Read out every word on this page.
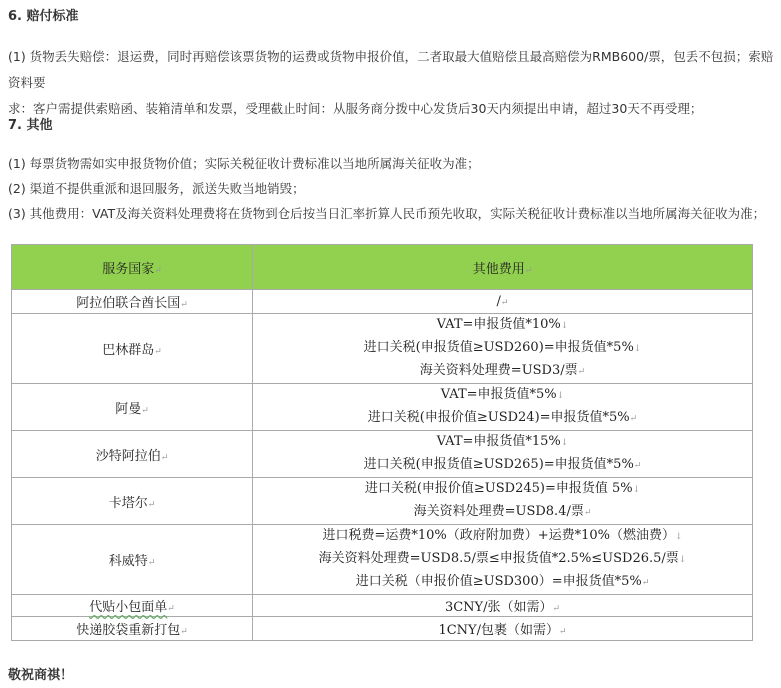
6. 赔付标准
(1) 货物丢失赔偿：退运费，同时再赔偿该票货物的运费或货物申报价值，二者取最大值赔偿且最高赔偿为RMB600/票，包丢不包损；索赔资料要
求：客户需提供索赔函、装箱清单和发票，受理截止时间：从服务商分拨中心发货后30天内须提出申请，超过30天不再受理；
7. 其他
(1) 每票货物需如实申报货物价值；实际关税征收计费标准以当地所属海关征收为准；
(2) 渠道不提供重派和退回服务，派送失败当地销毁；
(3) 其他费用：VAT及海关资料处理费将在货物到仓后按当日汇率折算人民币预先收取，实际关税征收计费标准以当地所属海关征收为准；
服务国家↵	其他费用↵
阿拉伯联合酋长国↵	/↵
巴林群岛↵	VAT=申报货值*10%↓
进口关税(申报货值≥USD260)=申报货值*5%↓
海关资料处理费=USD3/票↵

阿曼↵	VAT=申报货值*5%↓
进口关税(申报价值≥USD24)=申报货值*5%↵

沙特阿拉伯↵	VAT=申报货值*15%↓
进口关税(申报货值≥USD265)=申报货值*5%↵

卡塔尔↵	进口关税(申报价值≥USD245)=申报货值 5%↓
海关资料处理费=USD8.4/票↵

科威特↵	进口税费=运费*10%（政府附加费）+运费*10%（燃油费）↓
海关资料处理费=USD8.5/票≤申报货值*2.5%≤USD26.5/票↓
进口关税（申报价值≥USD300）=申报货值*5%↵

代贴小包面单↵	3CNY/张（如需）↵
快递胶袋重新打包↵	1CNY/包裹（如需）↵
敬祝商祺！
